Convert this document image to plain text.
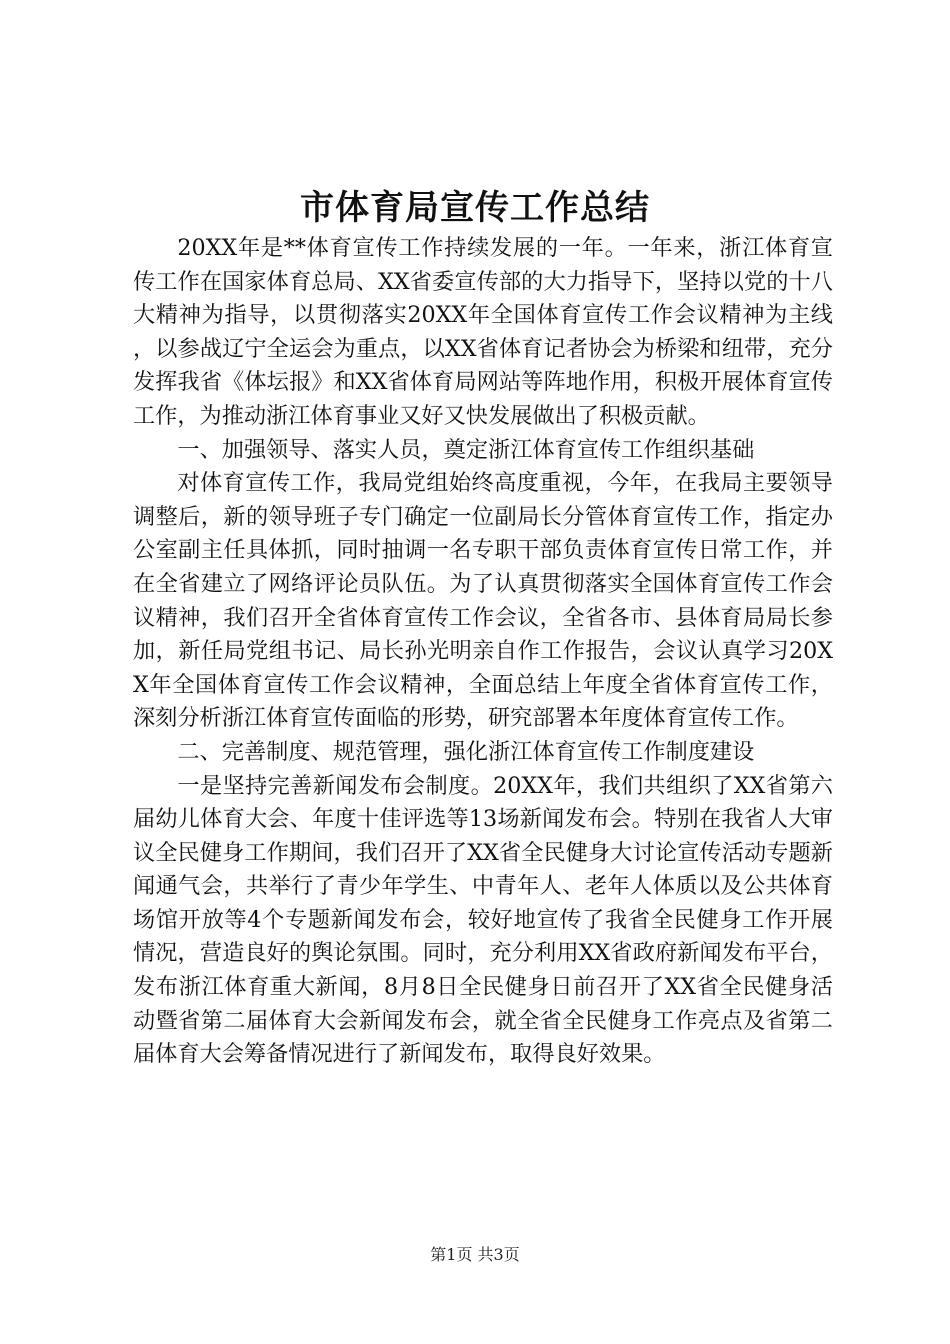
市体育局宣传工作总结

20XX年是**体育宣传工作持续发展的一年。一年来，浙江体育宣传工作在国家体育总局、XX省委宣传部的大力指导下，坚持以党的十八大精神为指导，以贯彻落实20XX年全国体育宣传工作会议精神为主线，以参战辽宁全运会为重点，以XX省体育记者协会为桥梁和纽带，充分发挥我省《体坛报》和XX省体育局网站等阵地作用，积极开展体育宣传工作，为推动浙江体育事业又好又快发展做出了积极贡献。

一、加强领导、落实人员，奠定浙江体育宣传工作组织基础

对体育宣传工作，我局党组始终高度重视，今年，在我局主要领导调整后，新的领导班子专门确定一位副局长分管体育宣传工作，指定办公室副主任具体抓，同时抽调一名专职干部负责体育宣传日常工作，并在全省建立了网络评论员队伍。为了认真贯彻落实全国体育宣传工作会议精神，我们召开全省体育宣传工作会议，全省各市、县体育局局长参加，新任局党组书记、局长孙光明亲自作工作报告，会议认真学习20XX年全国体育宣传工作会议精神，全面总结上年度全省体育宣传工作，深刻分析浙江体育宣传面临的形势，研究部署本年度体育宣传工作。

二、完善制度、规范管理，强化浙江体育宣传工作制度建设

一是坚持完善新闻发布会制度。20XX年，我们共组织了XX省第六届幼儿体育大会、年度十佳评选等13场新闻发布会。特别在我省人大审议全民健身工作期间，我们召开了XX省全民健身大讨论宣传活动专题新闻通气会，共举行了青少年学生、中青年人、老年人体质以及公共体育场馆开放等4个专题新闻发布会，较好地宣传了我省全民健身工作开展情况，营造良好的舆论氛围。同时，充分利用XX省政府新闻发布平台，发布浙江体育重大新闻，8月8日全民健身日前召开了XX省全民健身活动暨省第二届体育大会新闻发布会，就全省全民健身工作亮点及省第二届体育大会筹备情况进行了新闻发布，取得良好效果。

第1页 共3页
